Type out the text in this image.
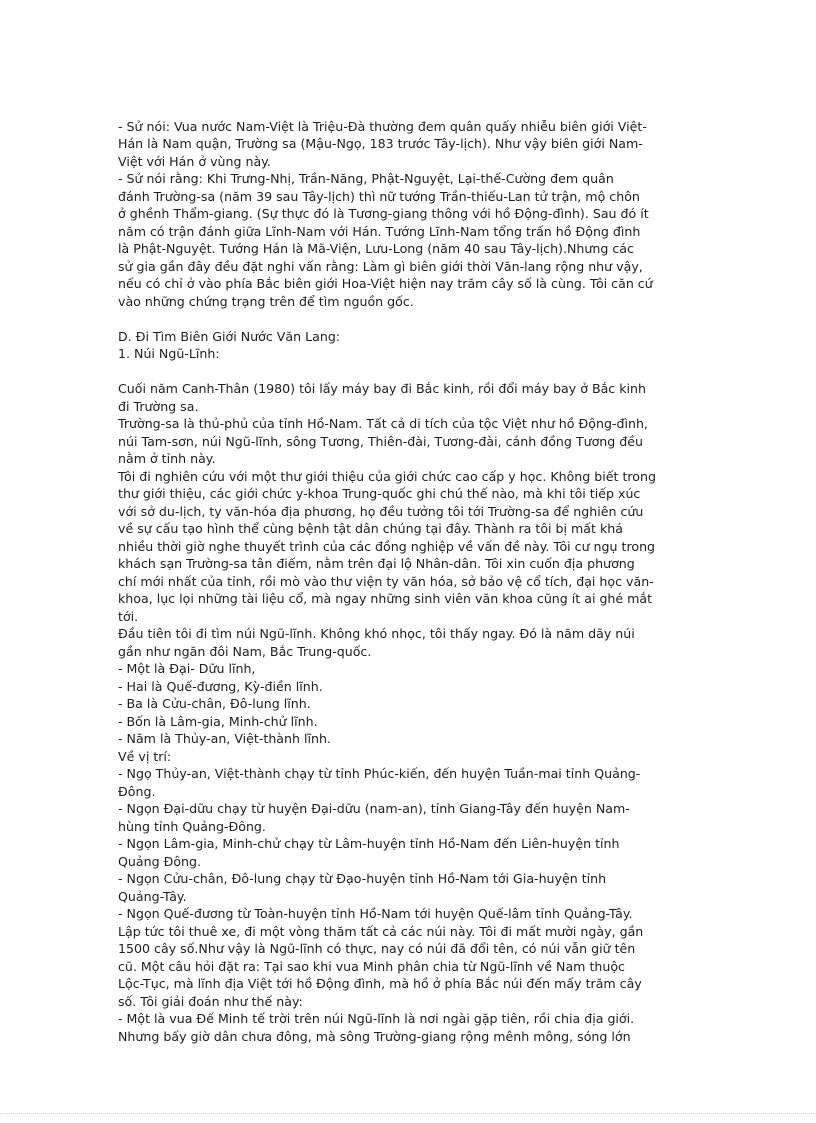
- Sử nói: Vua nước Nam-Việt là Triệu-Đà thường đem quân quấy nhiễu biên giới Việt-
Hán là Nam quận, Trường sa (Mậu-Ngọ, 183 trước Tây-lịch). Như vậy biên giới Nam-
Việt với Hán ở vùng này.
- Sử nói rằng: Khi Trưng-Nhị, Trần-Năng, Phật-Nguyệt, Lại-thế-Cường đem quân
đánh Trường-sa (năm 39 sau Tây-lịch) thì nữ tướng Trần-thiếu-Lan tử trận, mộ chôn
ở ghềnh Thẩm-giang. (Sự thực đó là Tương-giang thông với hồ Động-đình). Sau đó ít
năm có trận đánh giữa Lĩnh-Nam với Hán. Tướng Lĩnh-Nam tổng trấn hồ Động đình
là Phật-Nguyệt. Tướng Hán là Mã-Viện, Lưu-Long (năm 40 sau Tây-lịch).Nhưng các
sử gia gần đây đều đặt nghi vấn rằng: Làm gì biên giới thời Văn-lang rộng như vậy,
nếu có chỉ ở vào phía Bắc biên giới Hoa-Việt hiện nay trăm cây số là cùng. Tôi căn cứ
vào những chứng trạng trên để tìm nguồn gốc.
D. Đi Tìm Biên Giới Nước Văn Lang:
1. Núi Ngũ-Lĩnh:
Cuối năm Canh-Thân (1980) tôi lấy máy bay đi Bắc kinh, rồi đổi máy bay ở Bắc kinh
đi Trường sa.
Trường-sa là thủ-phủ của tỉnh Hồ-Nam. Tất cả di tích của tộc Việt như hồ Động-đình,
núi Tam-sơn, núi Ngũ-lĩnh, sông Tương, Thiên-đài, Tương-đài, cánh đồng Tương đều
nằm ở tỉnh này.
Tôi đi nghiên cứu với một thư giới thiệu của giới chức cao cấp y học. Không biết trong
thư giới thiệu, các giới chức y-khoa Trung-quốc ghi chú thế nào, mà khi tôi tiếp xúc
với sở du-lịch, ty văn-hóa địa phương, họ đều tưởng tôi tới Trường-sa để nghiên cứu
về sự cấu tạo hình thể cùng bệnh tật dân chúng tại đây. Thành ra tôi bị mất khá
nhiều thời giờ nghe thuyết trình của các đồng nghiệp về vấn đề này. Tôi cư ngụ trong
khách sạn Trường-sa tân điếm, nằm trên đại lộ Nhân-dân. Tôi xin cuốn địa phương
chí mới nhất của tỉnh, rồi mò vào thư viện ty văn hóa, sở bảo vệ cổ tích, đại học văn-
khoa, lục lọi những tài liệu cổ, mà ngay những sinh viên văn khoa cũng ít ai ghé mắt
tới.
Đầu tiên tôi đi tìm núi Ngũ-lĩnh. Không khó nhọc, tôi thấy ngay. Đó là năm dãy núi
gần như ngăn đôi Nam, Bắc Trung-quốc.
- Một là Đại- Dữu lĩnh,
- Hai là Quế-đương, Kỳ-điền lĩnh.
- Ba là Cửu-chân, Đô-lung lĩnh.
- Bốn là Lâm-gia, Minh-chử lĩnh.
- Năm là Thủy-an, Việt-thành lĩnh.
Về vị trí:
- Ngọ Thủy-an, Việt-thành chạy từ tỉnh Phúc-kiến, đến huyện Tuần-mai tỉnh Quảng-
Đông.
- Ngọn Đại-dữu chạy từ huyện Đại-dữu (nam-an), tỉnh Giang-Tây đến huyện Nam-
hùng tỉnh Quảng-Đông.
- Ngọn Lâm-gia, Minh-chử chạy từ Lâm-huyện tỉnh Hồ-Nam đến Liên-huyện tỉnh
Quảng Đông.
- Ngọn Cửu-chân, Đô-lung chạy từ Đạo-huyện tỉnh Hồ-Nam tới Gia-huyện tỉnh
Quảng-Tây.
- Ngọn Quế-đương từ Toàn-huyện tỉnh Hồ-Nam tới huyện Quế-lâm tỉnh Quảng-Tây.
Lập tức tôi thuê xe, đi một vòng thăm tất cả các núi này. Tôi đi mất mười ngày, gần
1500 cây số.Như vậy là Ngũ-lĩnh có thực, nay có núi đã đổi tên, có núi vẫn giữ tên
cũ. Một câu hỏi đặt ra: Tại sao khi vua Minh phân chia từ Ngũ-lĩnh về Nam thuộc
Lộc-Tục, mà lĩnh địa Việt tới hồ Động đình, mà hồ ở phía Bắc núi đến mấy trăm cây
số. Tôi giải đoán như thế này:
- Một là vua Đế Minh tế trời trên núi Ngũ-lĩnh là nơi ngài gặp tiên, rồi chia địa giới.
Nhưng bấy giờ dân chưa đông, mà sông Trường-giang rộng mênh mông, sóng lớn
